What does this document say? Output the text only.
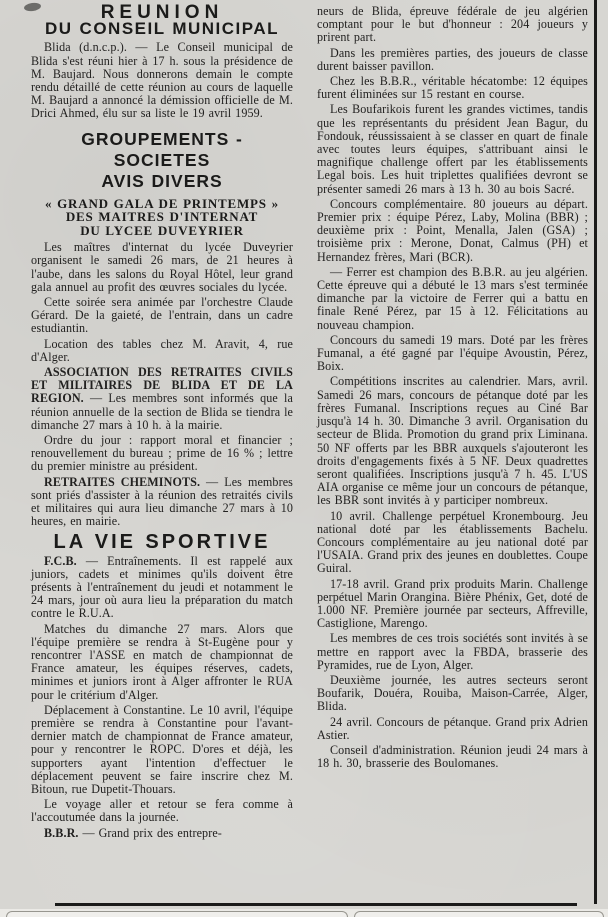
REUNION
DU CONSEIL MUNICIPAL

Blida (d.n.c.p.). — Le Conseil municipal de Blida s'est réuni hier à 17 h. sous la présidence de M. Baujard. Nous donnerons demain le compte rendu détaillé de cette réunion au cours de laquelle M. Baujard a annoncé la démission officielle de M. Drici Ahmed, élu sur sa liste le 19 avril 1959.

GROUPEMENTS - SOCIETES
AVIS DIVERS
« GRAND GALA DE PRINTEMPS »
DES MAITRES D'INTERNAT
DU LYCEE DUVEYRIER

Les maîtres d'internat du lycée Duveyrier organisent le samedi 26 mars, de 21 heures à l'aube, dans les salons du Royal Hôtel, leur grand gala annuel au profit des œuvres sociales du lycée.

Cette soirée sera animée par l'orchestre Claude Gérard. De la gaieté, de l'entrain, dans un cadre estudiantin.

Location des tables chez M. Aravit, 4, rue d'Alger.

ASSOCIATION DES RETRAITES CIVILS ET MILITAIRES DE BLIDA ET DE LA REGION. — Les membres sont informés que la réunion annuelle de la section de Blida se tiendra le dimanche 27 mars à 10 h. à la mairie.

Ordre du jour : rapport moral et financier ; renouvellement du bureau ; prime de 16 % ; lettre du premier ministre au président.

RETRAITES CHEMINOTS. — Les membres sont priés d'assister à la réunion des retraités civils et militaires qui aura lieu dimanche 27 mars à 10 heures, en mairie.

LA VIE SPORTIVE

F.C.B. — Entraînements. Il est rappelé aux juniors, cadets et minimes qu'ils doivent être présents à l'entraînement du jeudi et notamment le 24 mars, jour où aura lieu la préparation du match contre le R.U.A.

Matches du dimanche 27 mars. Alors que l'équipe première se rendra à St-Eugène pour y rencontrer l'ASSE en match de championnat de France amateur, les équipes réserves, cadets, minimes et juniors iront à Alger affronter le RUA pour le critérium d'Alger.

Déplacement à Constantine. Le 10 avril, l'équipe première se rendra à Constantine pour l'avant-dernier match de championnat de France amateur, pour y rencontrer le ROPC. D'ores et déjà, les supporters ayant l'intention d'effectuer le déplacement peuvent se faire inscrire chez M. Bitoun, rue Dupetit-Thouars.

Le voyage aller et retour se fera comme à l'accoutumée dans la journée.

B.B.R. — Grand prix des entrepre-

neurs de Blida, épreuve fédérale de jeu algérien comptant pour le but d'honneur : 204 joueurs y prirent part.

Dans les premières parties, des joueurs de classe durent baisser pavillon.

Chez les B.B.R., véritable hécatombe: 12 équipes furent éliminées sur 15 restant en course.

Les Boufarikois furent les grandes victimes, tandis que les représentants du président Jean Bagur, du Fondouk, réussissaient à se classer en quart de finale avec toutes leurs équipes, s'attribuant ainsi le magnifique challenge offert par les établissements Legal bois. Les huit triplettes qualifiées devront se présenter samedi 26 mars à 13 h. 30 au bois Sacré.

Concours complémentaire. 80 joueurs au départ. Premier prix : équipe Pérez, Laby, Molina (BBR) ; deuxième prix : Point, Menalla, Jalen (GSA) ; troisième prix : Merone, Donat, Calmus (PH) et Hernandez frères, Mari (BCR).

— Ferrer est champion des B.B.R. au jeu algérien. Cette épreuve qui a débuté le 13 mars s'est terminée dimanche par la victoire de Ferrer qui a battu en finale René Pérez, par 15 à 12. Félicitations au nouveau champion.

Concours du samedi 19 mars. Doté par les frères Fumanal, a été gagné par l'équipe Avoustin, Pérez, Boix.

Compétitions inscrites au calendrier. Mars, avril. Samedi 26 mars, concours de pétanque doté par les frères Fumanal. Inscriptions reçues au Ciné Bar jusqu'à 14 h. 30. Dimanche 3 avril. Organisation du secteur de Blida. Promotion du grand prix Liminana. 50 NF offerts par les BBR auxquels s'ajouteront les droits d'engagements fixés à 5 NF. Deux quadrettes seront qualifiées. Inscriptions jusqu'à 7 h. 45. L'US AIA organise ce même jour un concours de pétanque, les BBR sont invités à y participer nombreux.

10 avril. Challenge perpétuel Kronembourg. Jeu national doté par les établissements Bachelu. Concours complémentaire au jeu national doté par l'USAIA. Grand prix des jeunes en doublettes. Coupe Guiral.

17-18 avril. Grand prix produits Marin. Challenge perpétuel Marin Orangina. Bière Phénix, Get, doté de 1.000 NF. Première journée par secteurs, Affreville, Castiglione, Marengo.

Les membres de ces trois sociétés sont invités à se mettre en rapport avec la FBDA, brasserie des Pyramides, rue de Lyon, Alger.

Deuxième journée, les autres secteurs seront Boufarik, Douéra, Rouiba, Maison-Carrée, Alger, Blida.

24 avril. Concours de pétanque. Grand prix Adrien Astier.

Conseil d'administration. Réunion jeudi 24 mars à 18 h. 30, brasserie des Boulomanes.
